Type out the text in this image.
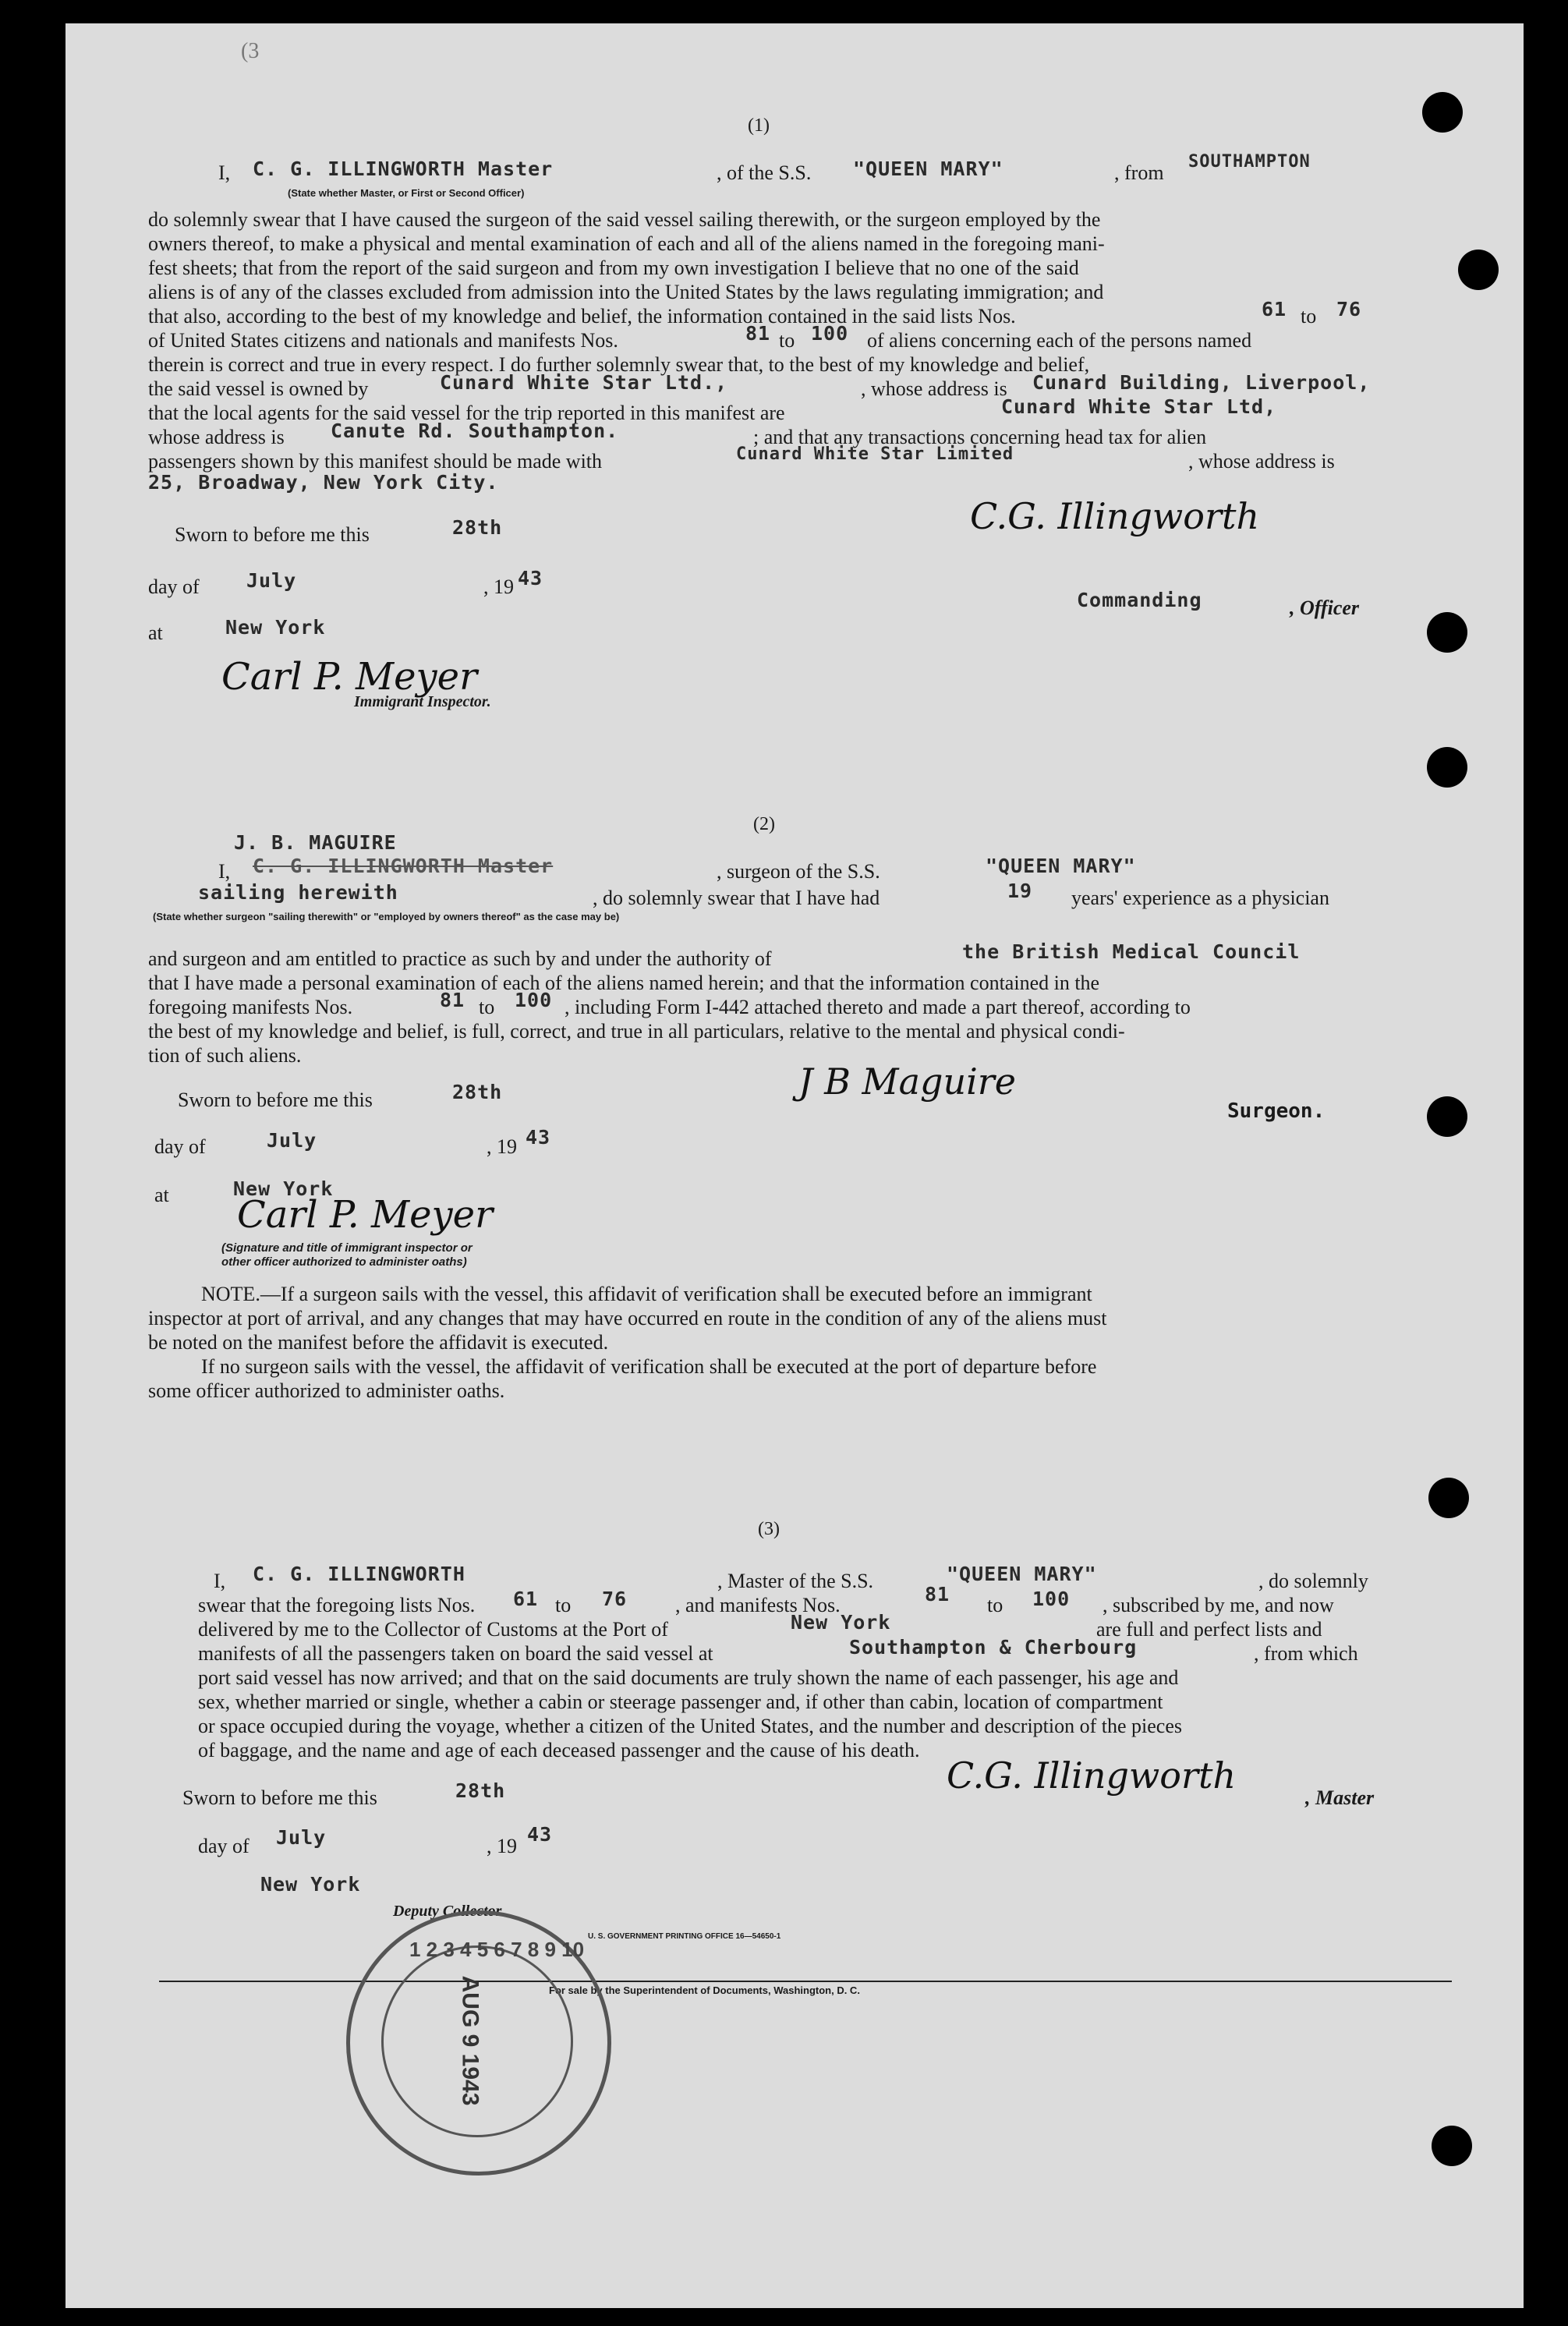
(3
(1)
I, C. G. ILLINGWORTH Master
(State whether Master, or First or Second Officer)
, of the S.S. "QUEEN MARY"	, from SOUTHAMPTON
do solemnly swear that I have caused the surgeon of the said vessel sailing therewith, or the surgeon employed by the
owners thereof, to make a physical and mental examination of each and all of the aliens named in the foregoing mani-
fest sheets; that from the report of the said surgeon and from my own investigation I believe that no one of the said
aliens is of any of the classes excluded from admission into the United States by the laws regulating immigration; and
that also, according to the best of my knowledge and belief, the information contained in the said lists Nos.	61 to 76
of United States citizens and nationals and manifests Nos.	81 to 100 of aliens concerning each of the persons named
therein is correct and true in every respect. I do further solemnly swear that, to the best of my knowledge and belief,
the said vessel is owned by	Cunard White Star Ltd.,	, whose address is Cunard Building, Liverpool,
that the local agents for the said vessel for the trip reported in this manifest are	Cunard White Star Ltd,
whose address is Canute Rd. Southampton.	; and that any transactions concerning head tax for alien
passengers shown by this manifest should be made with	Cunard White Star Limited	, whose address is
25, Broadway, New York City.
Sworn to before me this	28th
day of July	, 19 43
at	New York
C.G. Illingworth
Commanding	, Officer
Carl P. Meyer
Immigrant Inspector.
(2)
J. B. MAGUIRE
I, C. G. ILLINGWORTH Master	, surgeon of the S.S.	"QUEEN MARY"
sailing herewith	, do solemnly swear that I have had	19 years' experience as a physician
(State whether surgeon "sailing therewith" or "employed by owners thereof" as the case may be)
and surgeon and am entitled to practice as such by and under the authority of	the British Medical Council
that I have made a personal examination of each of the aliens named herein; and that the information contained in the
foregoing manifests Nos.	81 to 100 , including Form I-442 attached thereto and made a part thereof, according to
the best of my knowledge and belief, is full, correct, and true in all particulars, relative to the mental and physical condi-
tion of such aliens.
Sworn to before me this	28th
day of	July	, 19 43
at	New York
J B Maguire
Surgeon.
Carl P. Meyer
(Signature and title of immigrant inspector or
other officer authorized to administer oaths)
NOTE.—If a surgeon sails with the vessel, this affidavit of verification shall be executed before an immigrant
inspector at port of arrival, and any changes that may have occurred en route in the condition of any of the aliens must
be noted on the manifest before the affidavit is executed.
If no surgeon sails with the vessel, the affidavit of verification shall be executed at the port of departure before
some officer authorized to administer oaths.
(3)
I, C. G. ILLINGWORTH	, Master of the S.S.	"QUEEN MARY"	, do solemnly
swear that the foregoing lists Nos. 61 to 76 , and manifests Nos.	81 to 100 , subscribed by me, and now
delivered by me to the Collector of Customs at the Port of	New York	are full and perfect lists and
manifests of all the passengers taken on board the said vessel at	Southampton & Cherbourg	, from which
port said vessel has now arrived; and that on the said documents are truly shown the name of each passenger, his age and
sex, whether married or single, whether a cabin or steerage passenger and, if other than cabin, location of compartment
or space occupied during the voyage, whether a citizen of the United States, and the number and description of the pieces
of baggage, and the name and age of each deceased passenger and the cause of his death.
Sworn to before me this	28th
day of July	, 19
43
New York
Deputy Collector.
C.G. Illingworth
, Master
U. S. GOVERNMENT PRINTING OFFICE 16—54650-1
For sale by the Superintendent of Documents, Washington, D. C.
1 2 3 4 5 6 7 8 9 10
AUG 9 1943
